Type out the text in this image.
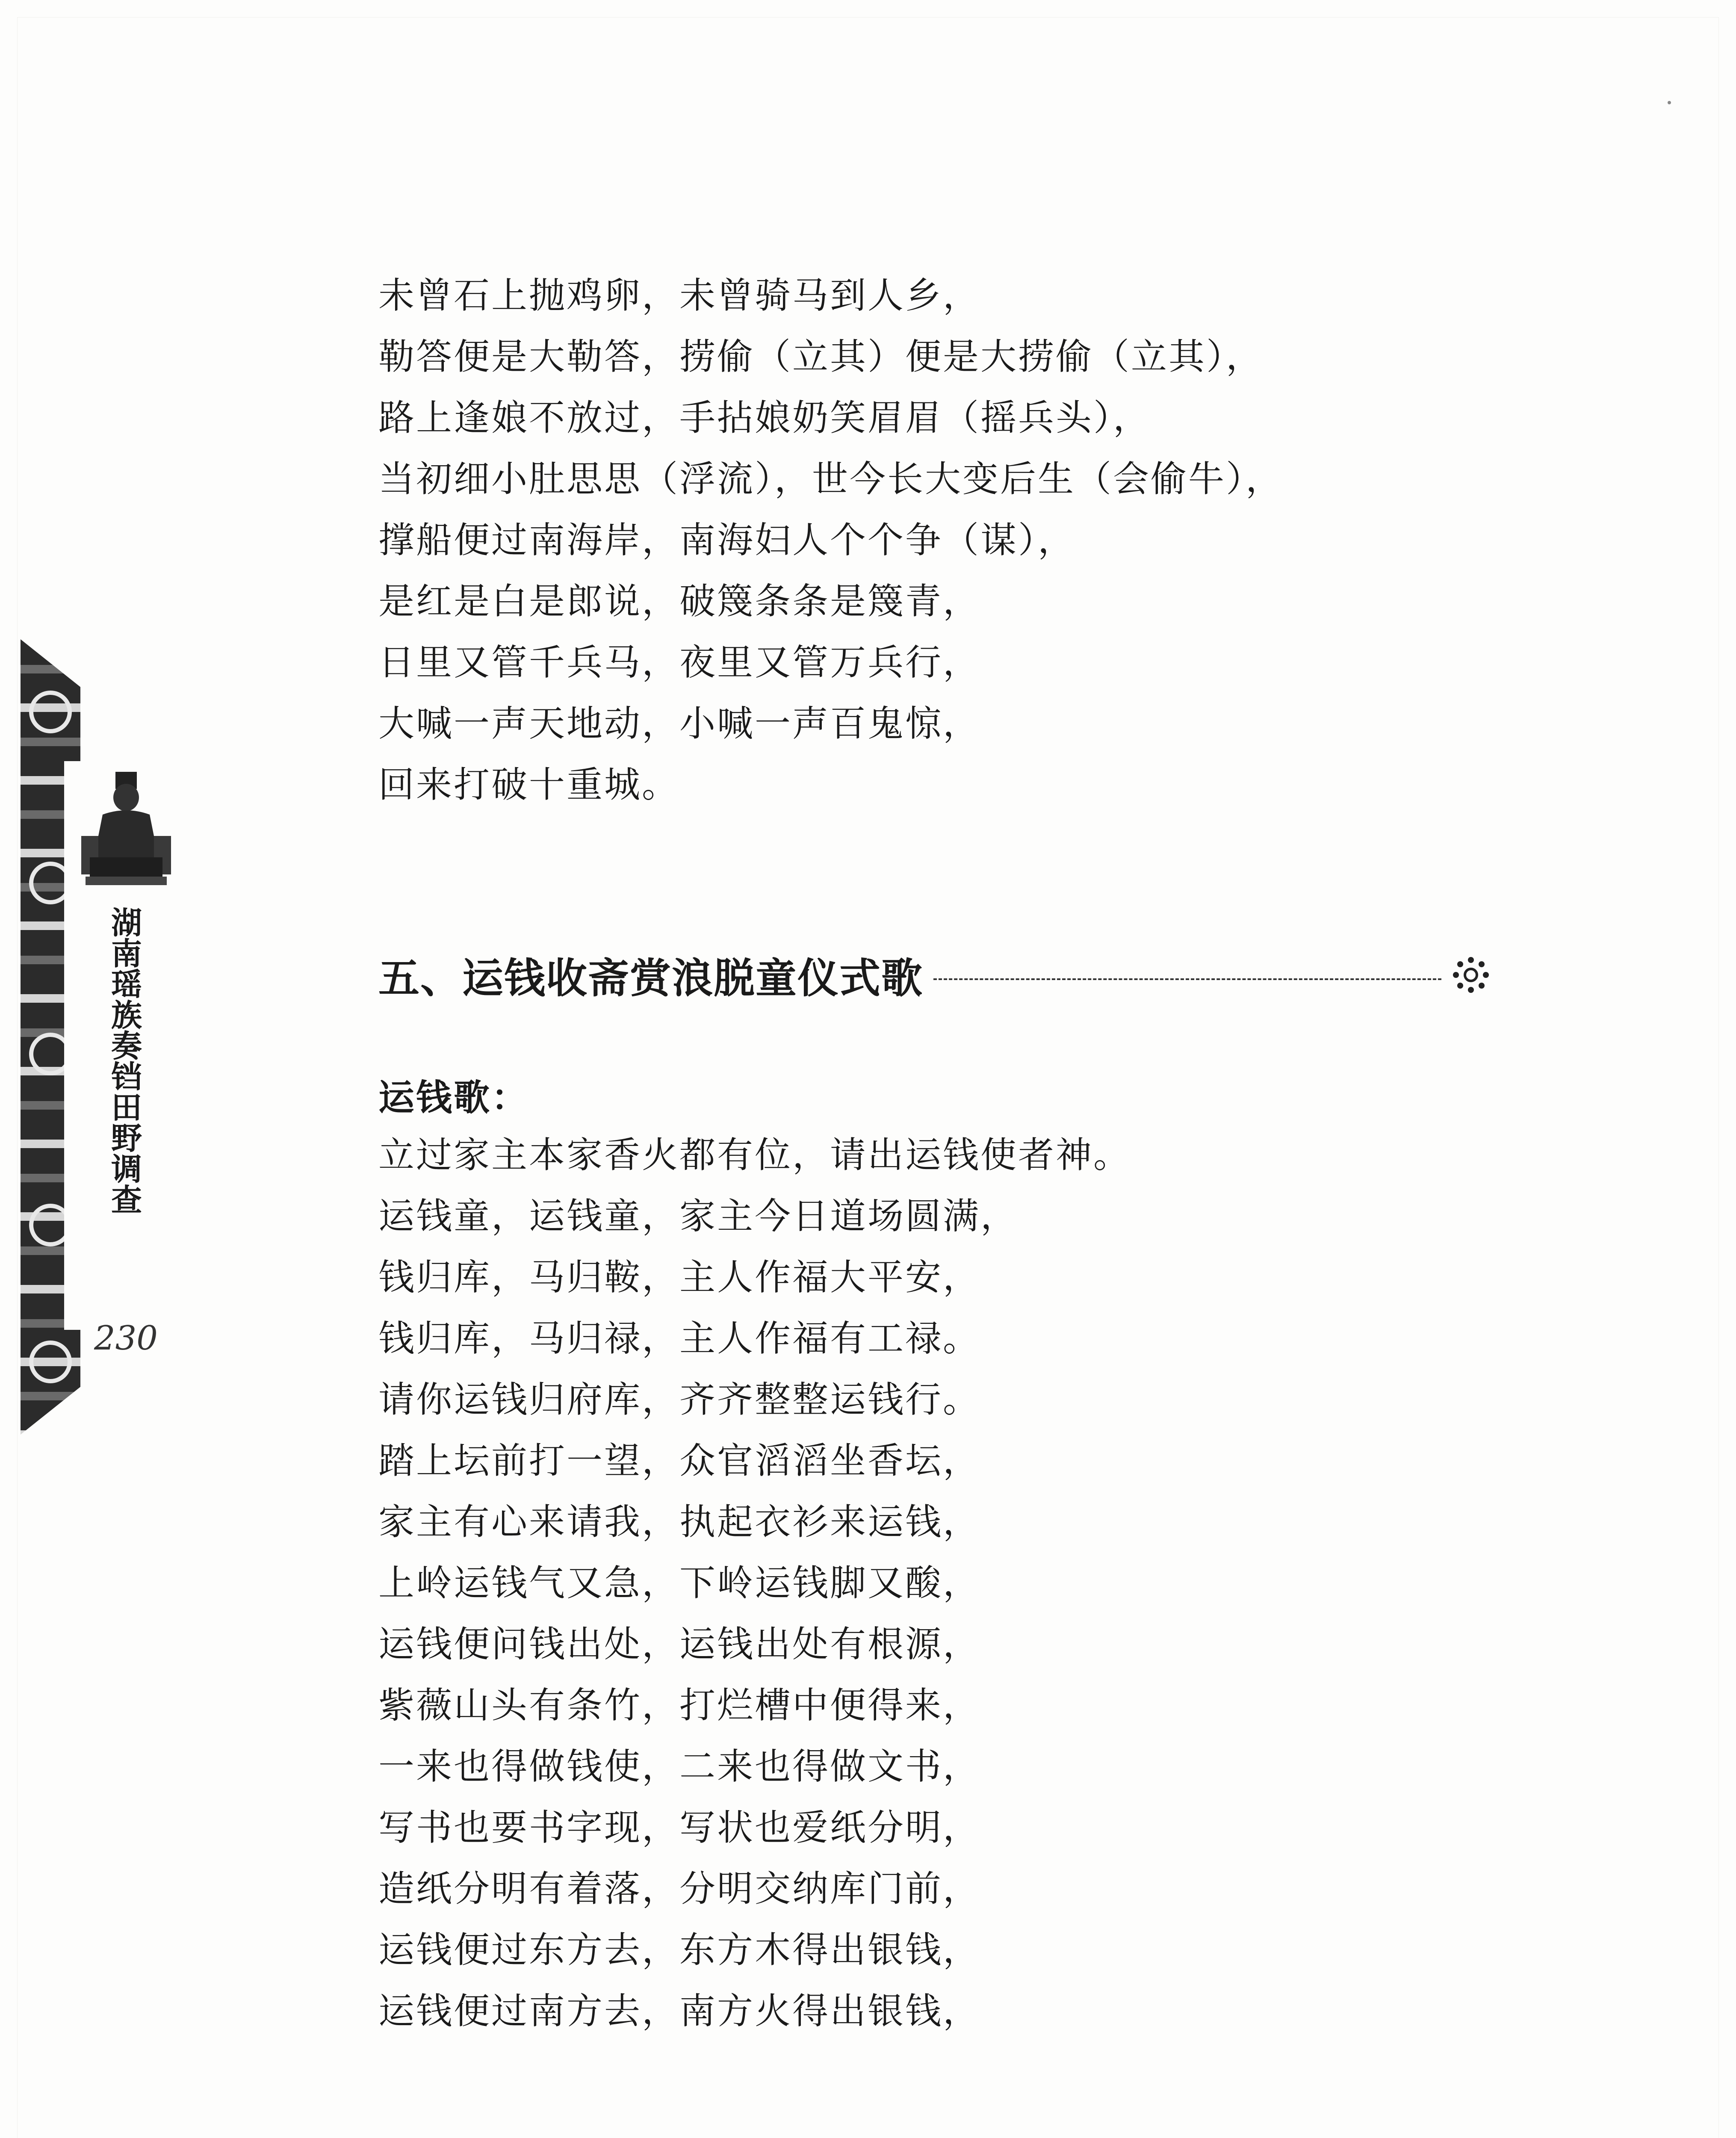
湖南瑶族奏铛田野调查
230
未曾石上抛鸡卵，未曾骑马到人乡，
勒答便是大勒答，捞偷（立其）便是大捞偷（立其），
路上逢娘不放过，手拈娘奶笑眉眉（摇兵头），
当初细小肚思思（浮流），世今长大变后生（会偷牛），
撑船便过南海岸，南海妇人个个争（谋），
是红是白是郎说，破篾条条是篾青，
日里又管千兵马，夜里又管万兵行，
大喊一声天地动，小喊一声百鬼惊，
回来打破十重城。
五、运钱收斋赏浪脱童仪式歌
运钱歌：
立过家主本家香火都有位，请出运钱使者神。
运钱童，运钱童，家主今日道场圆满，
钱归库，马归鞍，主人作福大平安，
钱归库，马归禄，主人作福有工禄。
请你运钱归府库，齐齐整整运钱行。
踏上坛前打一望，众官滔滔坐香坛，
家主有心来请我，执起衣衫来运钱，
上岭运钱气又急，下岭运钱脚又酸，
运钱便问钱出处，运钱出处有根源，
紫薇山头有条竹，打烂槽中便得来，
一来也得做钱使，二来也得做文书，
写书也要书字现，写状也爱纸分明，
造纸分明有着落，分明交纳库门前，
运钱便过东方去，东方木得出银钱，
运钱便过南方去，南方火得出银钱，
